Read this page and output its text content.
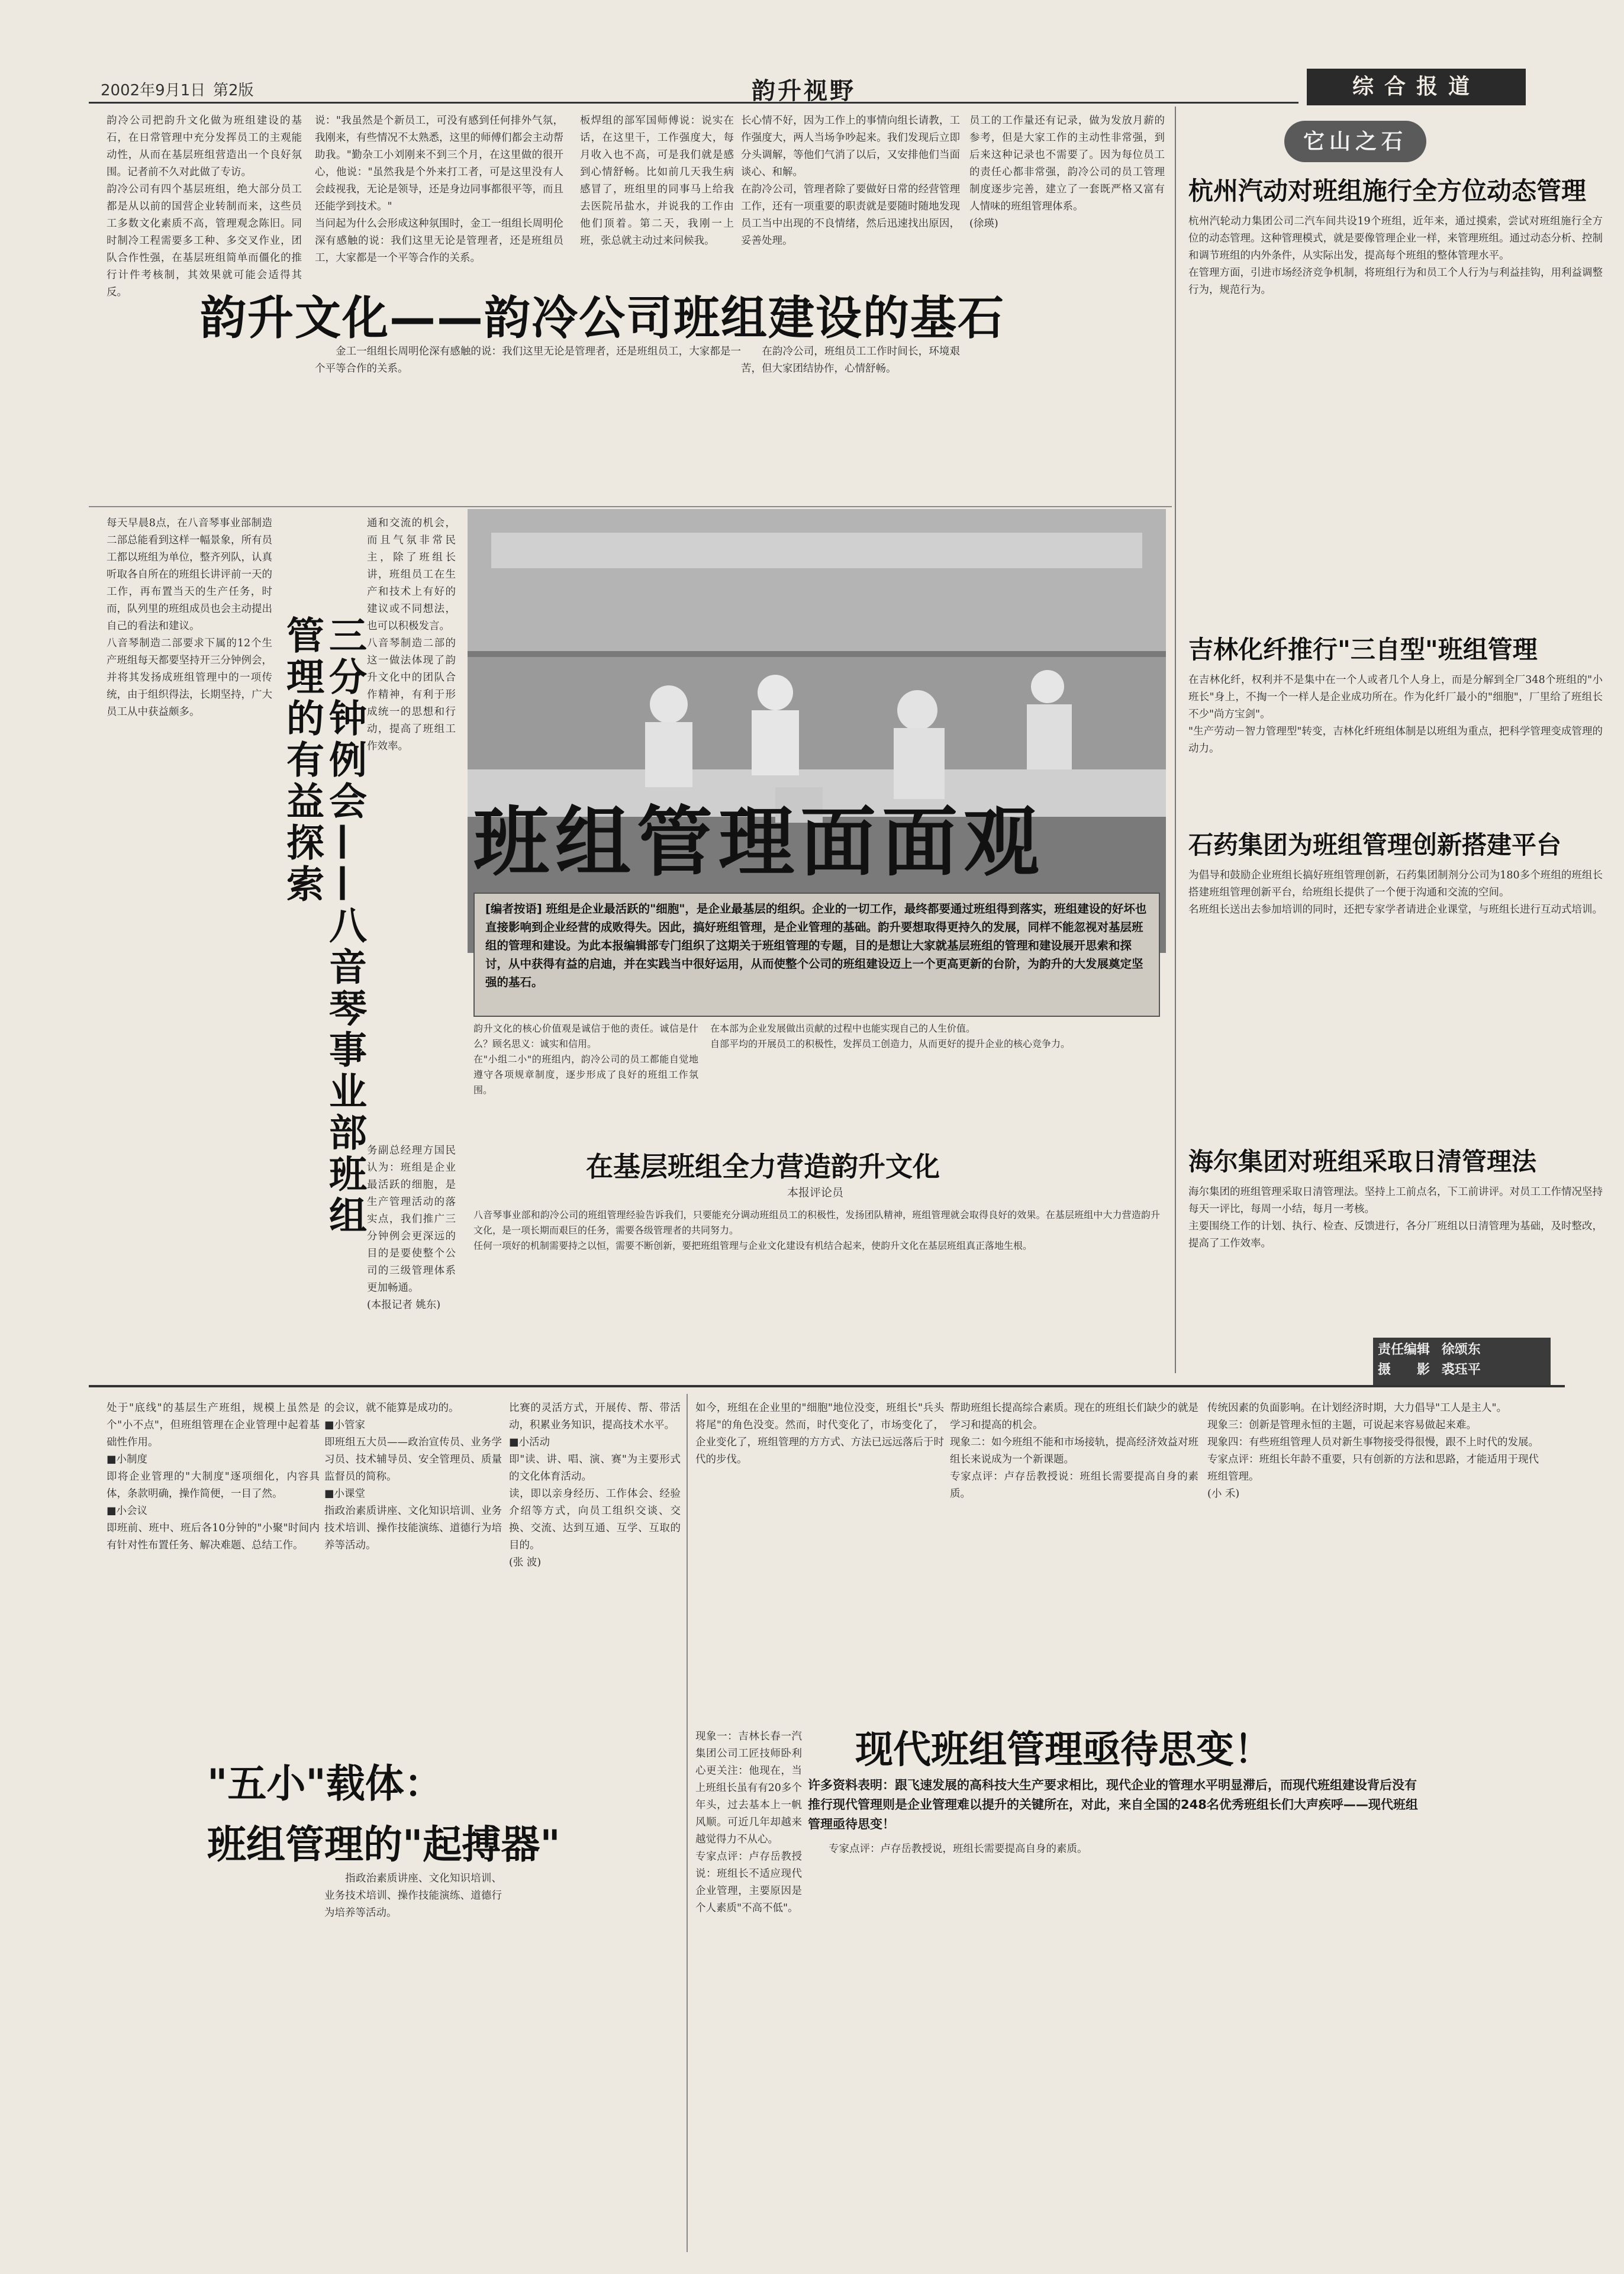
2002年9月1日 第2版	韵升视野	综合报道
韵冷公司把韵升文化做为班组建设的基石，在日常管理中充分发挥员工的主观能动性，从而在基层班组营造出一个良好氛围。记者前不久对此做了专访。
韵冷公司有四个基层班组，绝大部分员工都是从以前的国营企业转制而来，这些员工多数文化素质不高，管理观念陈旧。同时制冷工程需要多工种、多交叉作业，团队合作性强，在基层班组简单而僵化的推行计件考核制，其效果就可能会适得其反。
说："我虽然是个新员工，可没有感到任何排外气氛，我刚来，有些情况不太熟悉，这里的师傅们都会主动帮助我。"勤杂工小刘刚来不到三个月，在这里做的很开心，他说："虽然我是个外来打工者，可是这里没有人会歧视我，无论是领导，还是身边同事都很平等，而且还能学到技术。"
当问起为什么会形成这种氛围时，金工一组组长周明伦深有感触的说：我们这里无论是管理者，还是班组员工，大家都是一个平等合作的关系。
板焊组的部军国师傅说：说实在话，在这里干，工作强度大，每月收入也不高，可是我们就是感到心情舒畅。比如前几天我生病感冒了，班组里的同事马上给我去医院吊盐水，并说我的工作由他们顶着。第二天，我刚一上班，张总就主动过来问候我。
长心情不好，因为工作上的事情向组长请教，工作强度大，两人当场争吵起来。我们发现后立即分头调解，等他们气消了以后，又安排他们当面谈心、和解。
在韵冷公司，管理者除了要做好日常的经营管理工作，还有一项重要的职责就是要随时随地发现员工当中出现的不良情绪，然后迅速找出原因，妥善处理。
员工的工作量还有记录，做为发放月薪的参考，但是大家工作的主动性非常强，到后来这种记录也不需要了。因为每位员工的责任心都非常强，韵冷公司的员工管理制度逐步完善，建立了一套既严格又富有人情味的班组管理体系。
(徐瑛)
韵升文化——韵冷公司班组建设的基石
　　金工一组组长周明伦深有感触的说：我们这里无论是管理者，还是班组员工，大家都是一个平等合作的关系。
　　在韵冷公司，班组员工工作时间长，环境艰苦，但大家团结协作，心情舒畅。
每天早晨8点，在八音琴事业部制造二部总能看到这样一幅景象，所有员工都以班组为单位，整齐列队，认真听取各自所在的班组长讲评前一天的工作，再布置当天的生产任务，时而，队列里的班组成员也会主动提出自己的看法和建议。
八音琴制造二部要求下属的12个生产班组每天都要坚持开三分钟例会，并将其发扬成班组管理中的一项传统，由于组织得法，长期坚持，广大员工从中获益颇多。	三分钟例会——八音琴事业部班组管理的有益探索
通和交流的机会，而且气氛非常民主，除了班组长讲，班组员工在生产和技术上有好的建议或不同想法，也可以积极发言。
八音琴制造二部的这一做法体现了韵升文化中的团队合作精神，有利于形成统一的思想和行动，提高了班组工作效率。
务副总经理方国民认为：班组是企业最活跃的细胞，是生产管理活动的落实点，我们推广三分钟例会更深远的目的是要使整个公司的三级管理体系更加畅通。
(本报记者 姚东)
班组管理面面观
[编者按语] 班组是企业最活跃的"细胞"，是企业最基层的组织。企业的一切工作，最终都要通过班组得到落实，班组建设的好坏也直接影响到企业经营的成败得失。因此，搞好班组管理，是企业管理的基础。韵升要想取得更持久的发展，同样不能忽视对基层班组的管理和建设。为此本报编辑部专门组织了这期关于班组管理的专题，目的是想让大家就基层班组的管理和建设展开思索和探讨，从中获得有益的启迪，并在实践当中很好运用，从而使整个公司的班组建设迈上一个更高更新的台阶，为韵升的大发展奠定坚强的基石。
韵升文化的核心价值观是诚信于他的责任。诚信是什么？顾名思义：诚实和信用。
在"小组二小"的班组内，韵冷公司的员工都能自觉地遵守各项规章制度，逐步形成了良好的班组工作氛围。
在本部为企业发展做出贡献的过程中也能实现自己的人生价值。
自部平均的开展员工的积极性，发挥员工创造力，从而更好的提升企业的核心竞争力。
在基层班组全力营造韵升文化
本报评论员
八音琴事业部和韵冷公司的班组管理经验告诉我们，只要能充分调动班组员工的积极性，发扬团队精神，班组管理就会取得良好的效果。在基层班组中大力营造韵升文化，是一项长期而艰巨的任务，需要各级管理者的共同努力。
任何一项好的机制需要持之以恒，需要不断创新，要把班组管理与企业文化建设有机结合起来，使韵升文化在基层班组真正落地生根。
它山之石
杭州汽动对班组施行全方位动态管理
杭州汽轮动力集团公司二汽车间共设19个班组，近年来，通过摸索，尝试对班组施行全方位的动态管理。这种管理模式，就是要像管理企业一样，来管理班组。通过动态分析、控制和调节班组的内外条件，从实际出发，提高每个班组的整体管理水平。
在管理方面，引进市场经济竞争机制，将班组行为和员工个人行为与利益挂钩，用利益调整行为，规范行为。
吉林化纤推行"三自型"班组管理
在吉林化纤，权利并不是集中在一个人或者几个人身上，而是分解到全厂348个班组的"小班长"身上，不掏一个一样人是企业成功所在。作为化纤厂最小的"细胞"，厂里给了班组长不少"尚方宝剑"。
"生产劳动－智力管理型"转变，吉林化纤班组体制是以班组为重点，把科学管理变成管理的动力。
石药集团为班组管理创新搭建平台
为倡导和鼓励企业班组长搞好班组管理创新，石药集团制剂分公司为180多个班组的班组长搭建班组管理创新平台，给班组长提供了一个便于沟通和交流的空间。
名班组长送出去参加培训的同时，还把专家学者请进企业课堂，与班组长进行互动式培训。
海尔集团对班组采取日清管理法
海尔集团的班组管理采取日清管理法。坚持上工前点名，下工前讲评。对员工工作情况坚持每天一评比，每周一小结，每月一考核。
主要围绕工作的计划、执行、检查、反馈进行，各分厂班组以日清管理为基础，及时整改，提高了工作效率。
责任编辑 徐颂东
摄　　影 裘珏平
处于"底线"的基层生产班组，规模上虽然是个"小不点"，但班组管理在企业管理中起着基础性作用。
■小制度
即将企业管理的"大制度"逐项细化，内容具体，条款明确，操作简便，一目了然。
■小会议
即班前、班中、班后各10分钟的"小聚"时间内有针对性布置任务、解决难题、总结工作。
的会议，就不能算是成功的。
■小管家
即班组五大员——政治宣传员、业务学习员、技术辅导员、安全管理员、质量监督员的简称。
■小课堂
指政治素质讲座、文化知识培训、业务技术培训、操作技能演练、道德行为培养等活动。
比赛的灵活方式，开展传、帮、带活动，积累业务知识，提高技术水平。
■小活动
即"读、讲、唱、演、赛"为主要形式的文化体育活动。
读，即以亲身经历、工作体会、经验介绍等方式，向员工组织交谈、交换、交流、达到互通、互学、互取的目的。
(张 波)
"五小"载体：
班组管理的"起搏器"
　　指政治素质讲座、文化知识培训、业务技术培训、操作技能演练、道德行为培养等活动。
如今，班组在企业里的"细胞"地位没变，班组长"兵头将尾"的角色没变。然而，时代变化了，市场变化了，企业变化了，班组管理的方方式、方法已远远落后于时代的步伐。
帮助班组长提高综合素质。现在的班组长们缺少的就是学习和提高的机会。
现象二：如今班组不能和市场接轨，提高经济效益对班组长来说成为一个新课题。
专家点评：卢存岳教授说：班组长需要提高自身的素质。
传统因素的负面影响。在计划经济时期，大力倡导"工人是主人"。
现象三：创新是管理永恒的主题，可说起来容易做起来难。
现象四：有些班组管理人员对新生事物接受得很慢，跟不上时代的发展。
专家点评：班组长年龄不重要，只有创新的方法和思路，才能适用于现代班组管理。
(小 禾)
现代班组管理亟待思变！
许多资料表明：跟飞速发展的高科技大生产要求相比，现代企业的管理水平明显滞后，而现代班组建设背后没有推行现代管理则是企业管理难以提升的关键所在，对此，来自全国的248名优秀班组长们大声疾呼——现代班组管理亟待思变！
现象一：吉林长春一汽集团公司工匠技师卧利心更关注：他现在，当上班组长虽有有20多个年头，过去基本上一帆风顺。可近几年却越来越觉得力不从心。
专家点评：卢存岳教授说：班组长不适应现代企业管理，主要原因是个人素质"不高不低"。
　　专家点评：卢存岳教授说，班组长需要提高自身的素质。
